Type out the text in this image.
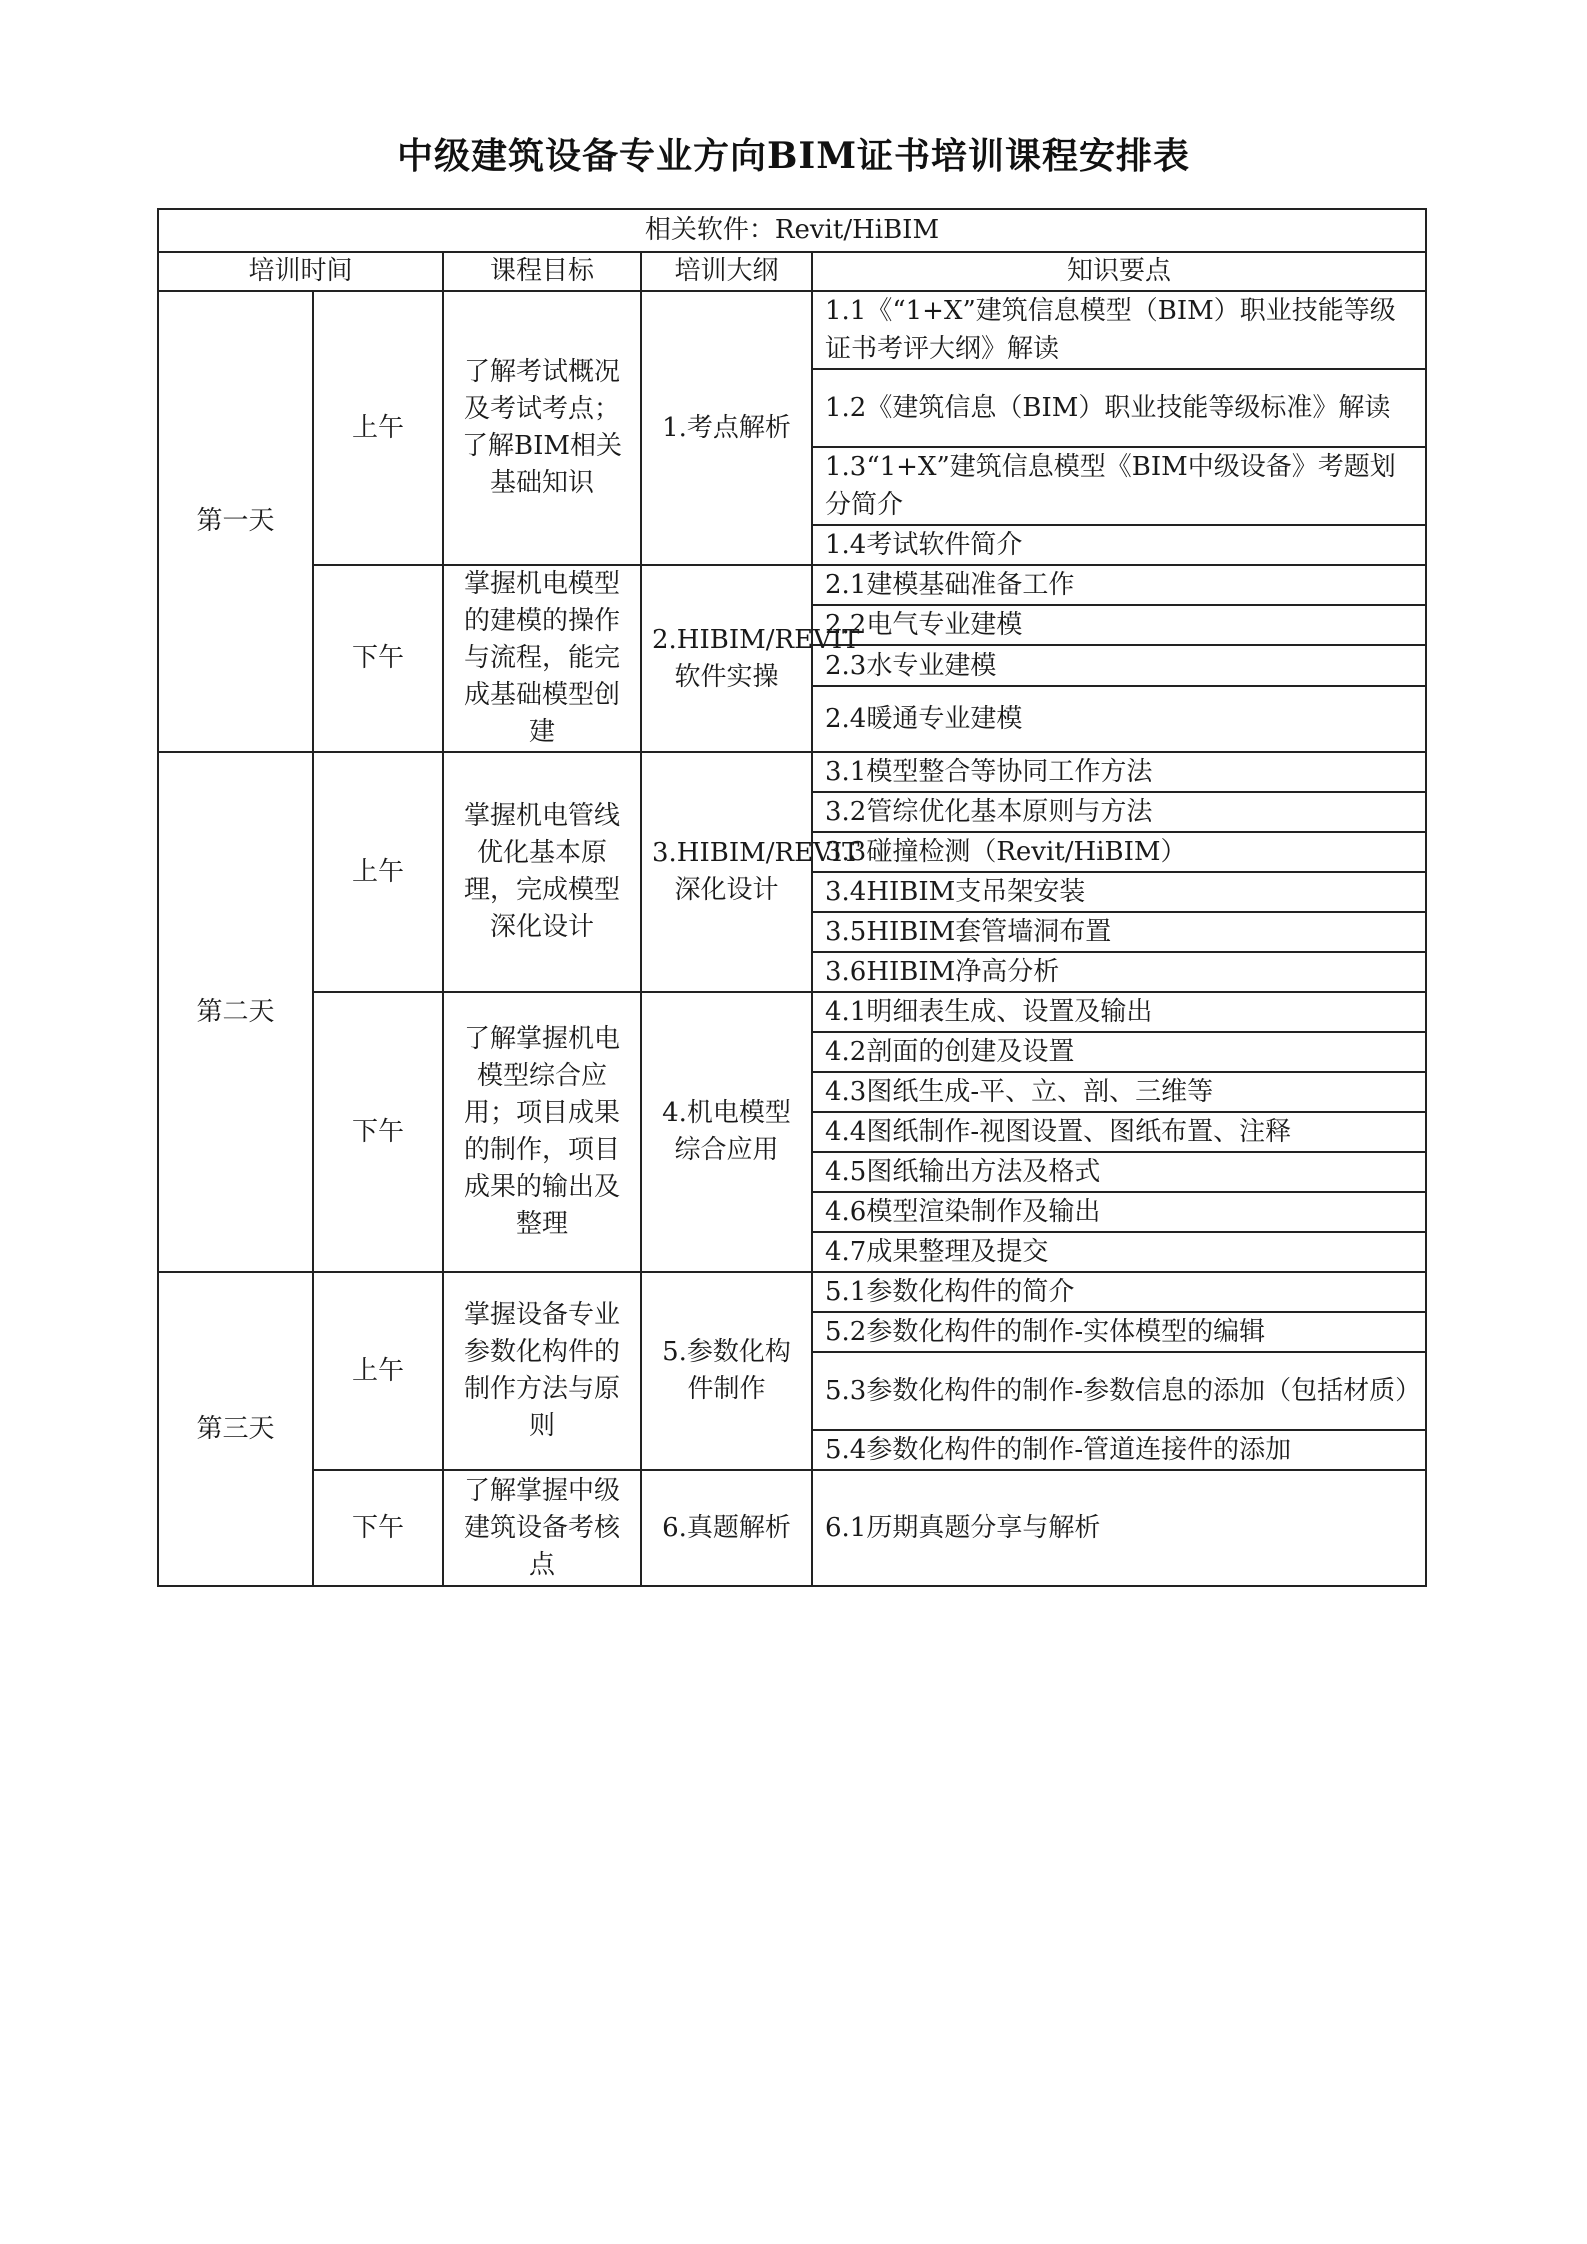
中级建筑设备专业方向BIM证书培训课程安排表
相关软件：Revit/HiBIM				
培训时间		课程目标	培训大纲	知识要点
第一天	上午	了解考试概况及考试考点；了解BIM相关基础知识	1.考点解析	1.1《“1+X”建筑信息模型（BIM）职业技能等级证书考评大纲》解读
				1.2《建筑信息（BIM）职业技能等级标准》解读
				1.3“1+X”建筑信息模型《BIM中级设备》考题划分简介
				1.4考试软件简介
	下午	掌握机电模型的建模的操作与流程，能完成基础模型创建	2.HIBIM/REVIT软件实操	2.1建模基础准备工作
				2.2电气专业建模
				2.3水专业建模
				2.4暖通专业建模
第二天	上午	掌握机电管线优化基本原理，完成模型深化设计	3.HIBIM/REVIT深化设计	3.1模型整合等协同工作方法
				3.2管综优化基本原则与方法
				3.3碰撞检测（Revit/HiBIM）
				3.4HIBIM支吊架安装
				3.5HIBIM套管墙洞布置
				3.6HIBIM净高分析
	下午	了解掌握机电模型综合应用；项目成果的制作，项目成果的输出及整理	4.机电模型综合应用	4.1明细表生成、设置及输出
				4.2剖面的创建及设置
				4.3图纸生成-平、立、剖、三维等
				4.4图纸制作-视图设置、图纸布置、注释
				4.5图纸输出方法及格式
				4.6模型渲染制作及输出
				4.7成果整理及提交
第三天	上午	掌握设备专业参数化构件的制作方法与原则	5.参数化构件制作	5.1参数化构件的简介
				5.2参数化构件的制作-实体模型的编辑
				5.3参数化构件的制作-参数信息的添加（包括材质）
				5.4参数化构件的制作-管道连接件的添加
	下午	了解掌握中级建筑设备考核点	6.真题解析	6.1历期真题分享与解析
